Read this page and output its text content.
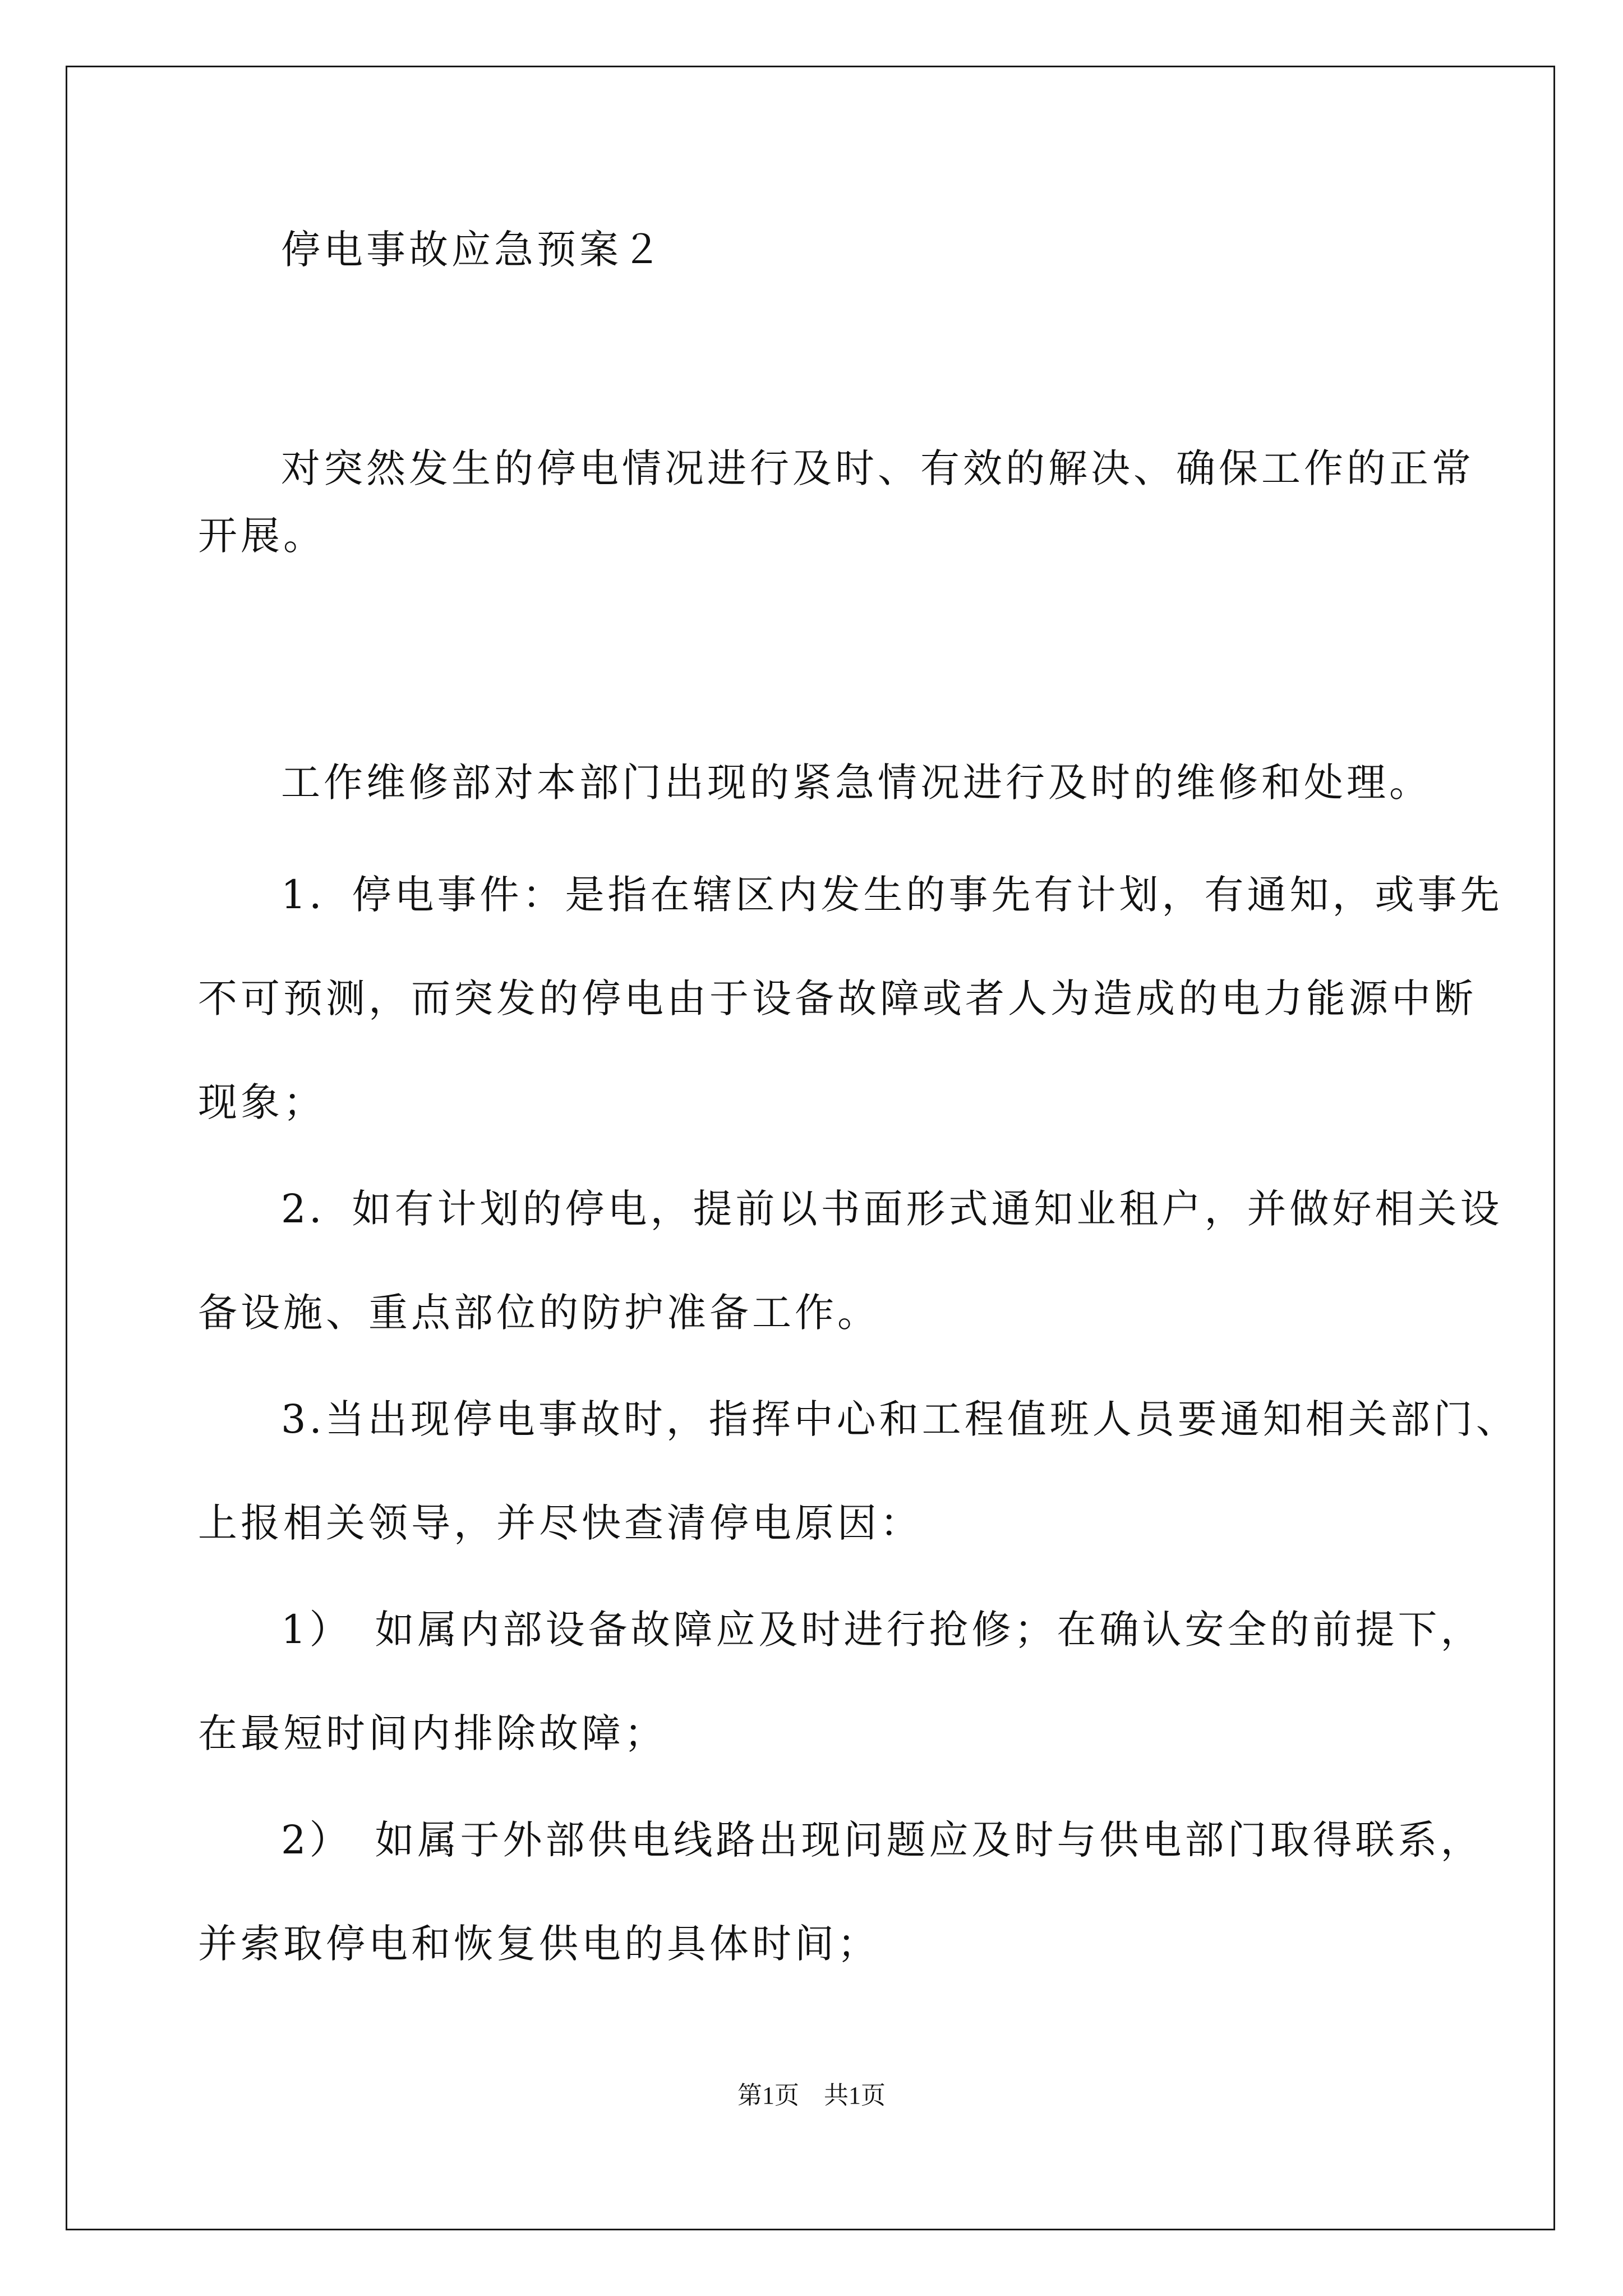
停电事故应急预案２
对突然发生的停电情况进行及时、有效的解决、确保工作的正常
开展。
工作维修部对本部门出现的紧急情况进行及时的维修和处理。
1．停电事件：是指在辖区内发生的事先有计划，有通知，或事先
不可预测，而突发的停电由于设备故障或者人为造成的电力能源中断
现象；
2．如有计划的停电，提前以书面形式通知业租户，并做好相关设
备设施、重点部位的防护准备工作。
3.当出现停电事故时，指挥中心和工程值班人员要通知相关部门、
上报相关领导，并尽快查清停电原因：
1）　如属内部设备故障应及时进行抢修；在确认安全的前提下，
在最短时间内排除故障；
2）　如属于外部供电线路出现问题应及时与供电部门取得联系，
并索取停电和恢复供电的具体时间；
第1页　共1页
